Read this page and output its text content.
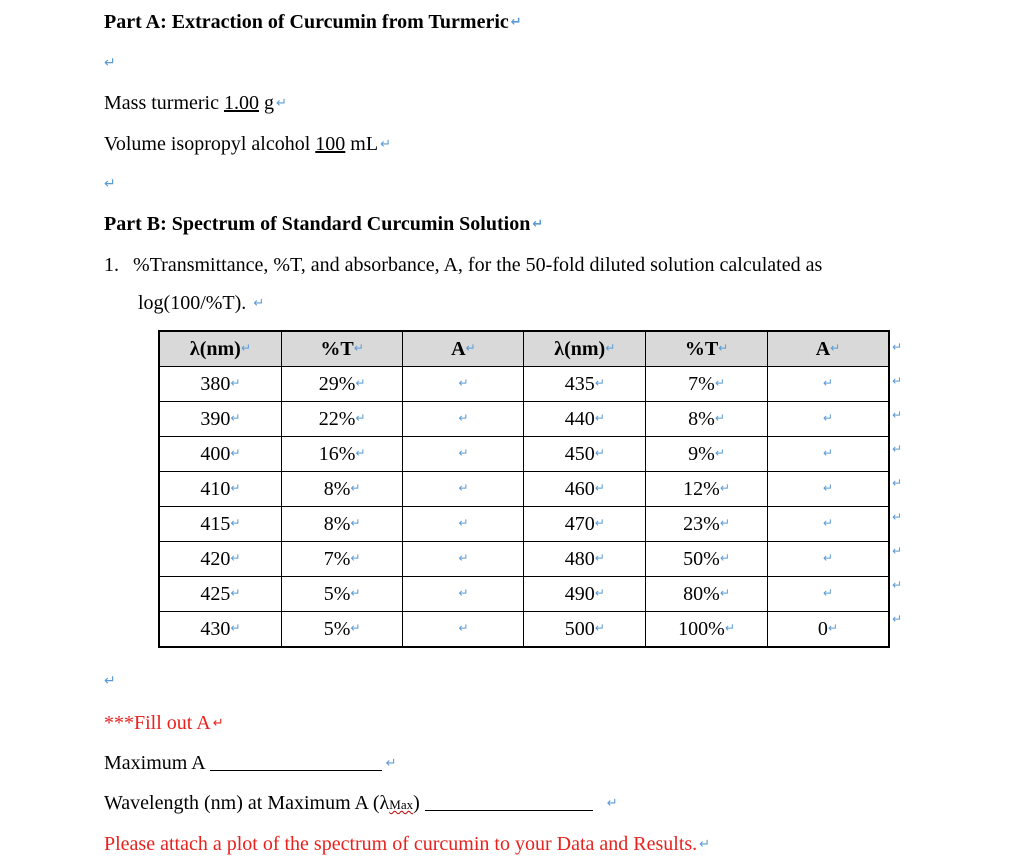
Part A: Extraction of Curcumin from Turmeric ↵
↵
Mass turmeric 1.00 g ↵
Volume isopropyl alcohol 100 mL ↵
↵
Part B: Spectrum of Standard Curcumin Solution ↵
1. %Transmittance, %T, and absorbance, A, for the 50-fold diluted solution calculated as
log(100/%T). ↵
λ(nm)↵	%T↵	A↵	λ(nm)↵	%T↵	A↵
380↵	29%↵	↵	435↵	7%↵	↵
390↵	22%↵	↵	440↵	8%↵	↵
400↵	16%↵	↵	450↵	9%↵	↵
410↵	8%↵	↵	460↵	12%↵	↵
415↵	8%↵	↵	470↵	23%↵	↵
420↵	7%↵	↵	480↵	50%↵	↵
425↵	5%↵	↵	490↵	80%↵	↵
430↵	5%↵	↵	500↵	100%↵	0↵
↵
↵
↵
↵
↵
↵
↵
↵
↵
↵
***Fill out A ↵
Maximum A	↵
Wavelength (nm) at Maximum A (λMax)	↵
Please attach a plot of the spectrum of curcumin to your Data and Results. ↵
